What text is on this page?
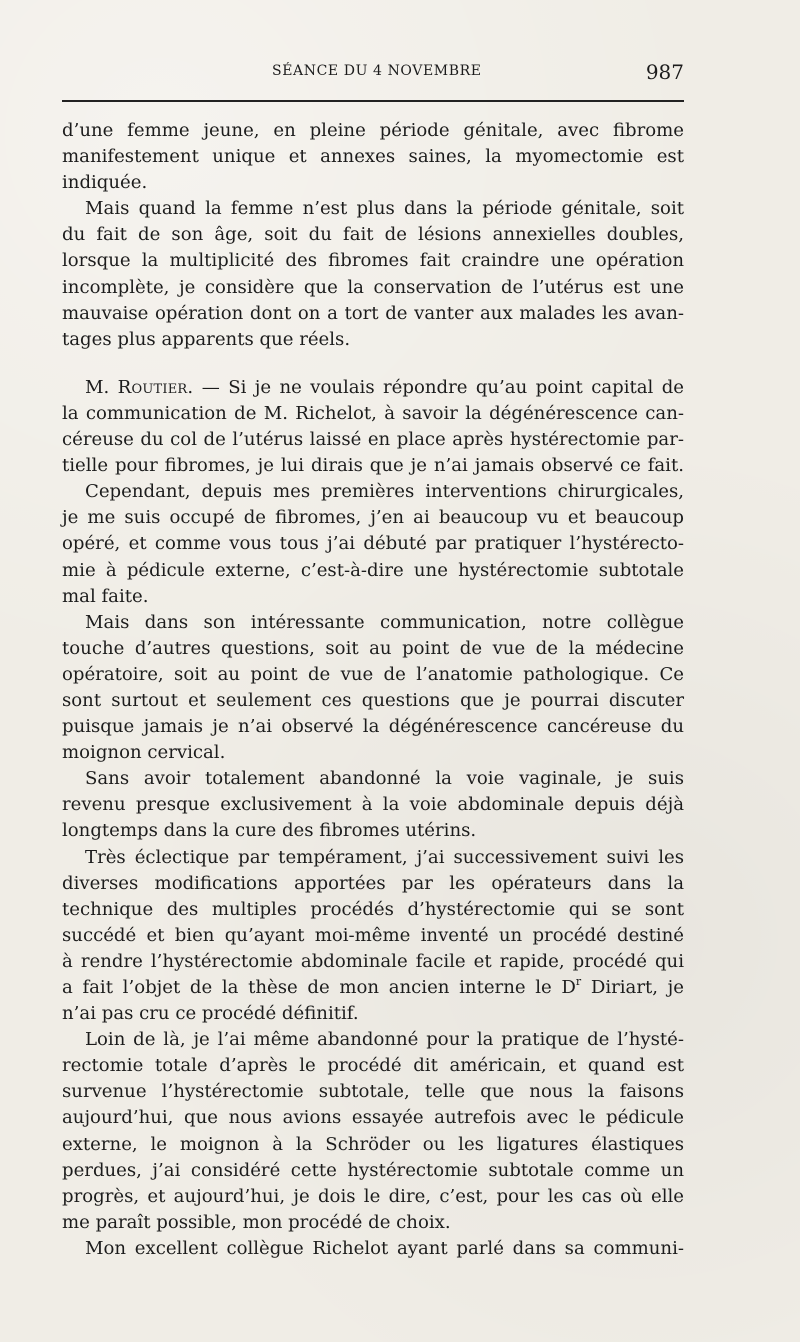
SÉANCE DU 4 NOVEMBRE	987
d’une femme jeune, en pleine période génitale, avec fibrome
manifestement unique et annexes saines, la myomectomie est
indiquée.
Mais quand la femme n’est plus dans la période génitale, soit
du fait de son âge, soit du fait de lésions annexielles doubles,
lorsque la multiplicité des fibromes fait craindre une opération
incomplète, je considère que la conservation de l’utérus est une
mauvaise opération dont on a tort de vanter aux malades les avan-
tages plus apparents que réels.
M. Routier. — Si je ne voulais répondre qu’au point capital de
la communication de M. Richelot, à savoir la dégénérescence can-
céreuse du col de l’utérus laissé en place après hystérectomie par-
tielle pour fibromes, je lui dirais que je n’ai jamais observé ce fait.
Cependant, depuis mes premières interventions chirurgicales,
je me suis occupé de fibromes, j’en ai beaucoup vu et beaucoup
opéré, et comme vous tous j’ai débuté par pratiquer l’hystérecto-
mie à pédicule externe, c’est-à-dire une hystérectomie subtotale
mal faite.
Mais dans son intéressante communication, notre collègue
touche d’autres questions, soit au point de vue de la médecine
opératoire, soit au point de vue de l’anatomie pathologique. Ce
sont surtout et seulement ces questions que je pourrai discuter
puisque jamais je n’ai observé la dégénérescence cancéreuse du
moignon cervical.
Sans avoir totalement abandonné la voie vaginale, je suis
revenu presque exclusivement à la voie abdominale depuis déjà
longtemps dans la cure des fibromes utérins.
Très éclectique par tempérament, j’ai successivement suivi les
diverses modifications apportées par les opérateurs dans la
technique des multiples procédés d’hystérectomie qui se sont
succédé et bien qu’ayant moi-même inventé un procédé destiné
à rendre l’hystérectomie abdominale facile et rapide, procédé qui
a fait l’objet de la thèse de mon ancien interne le $D^r$ Diriart, je
n’ai pas cru ce procédé définitif.
Loin de là, je l’ai même abandonné pour la pratique de l’hysté-
rectomie totale d’après le procédé dit américain, et quand est
survenue l’hystérectomie subtotale, telle que nous la faisons
aujourd’hui, que nous avions essayée autrefois avec le pédicule
externe, le moignon à la Schröder ou les ligatures élastiques
perdues, j’ai considéré cette hystérectomie subtotale comme un
progrès, et aujourd’hui, je dois le dire, c’est, pour les cas où elle
me paraît possible, mon procédé de choix.
Mon excellent collègue Richelot ayant parlé dans sa communi-
